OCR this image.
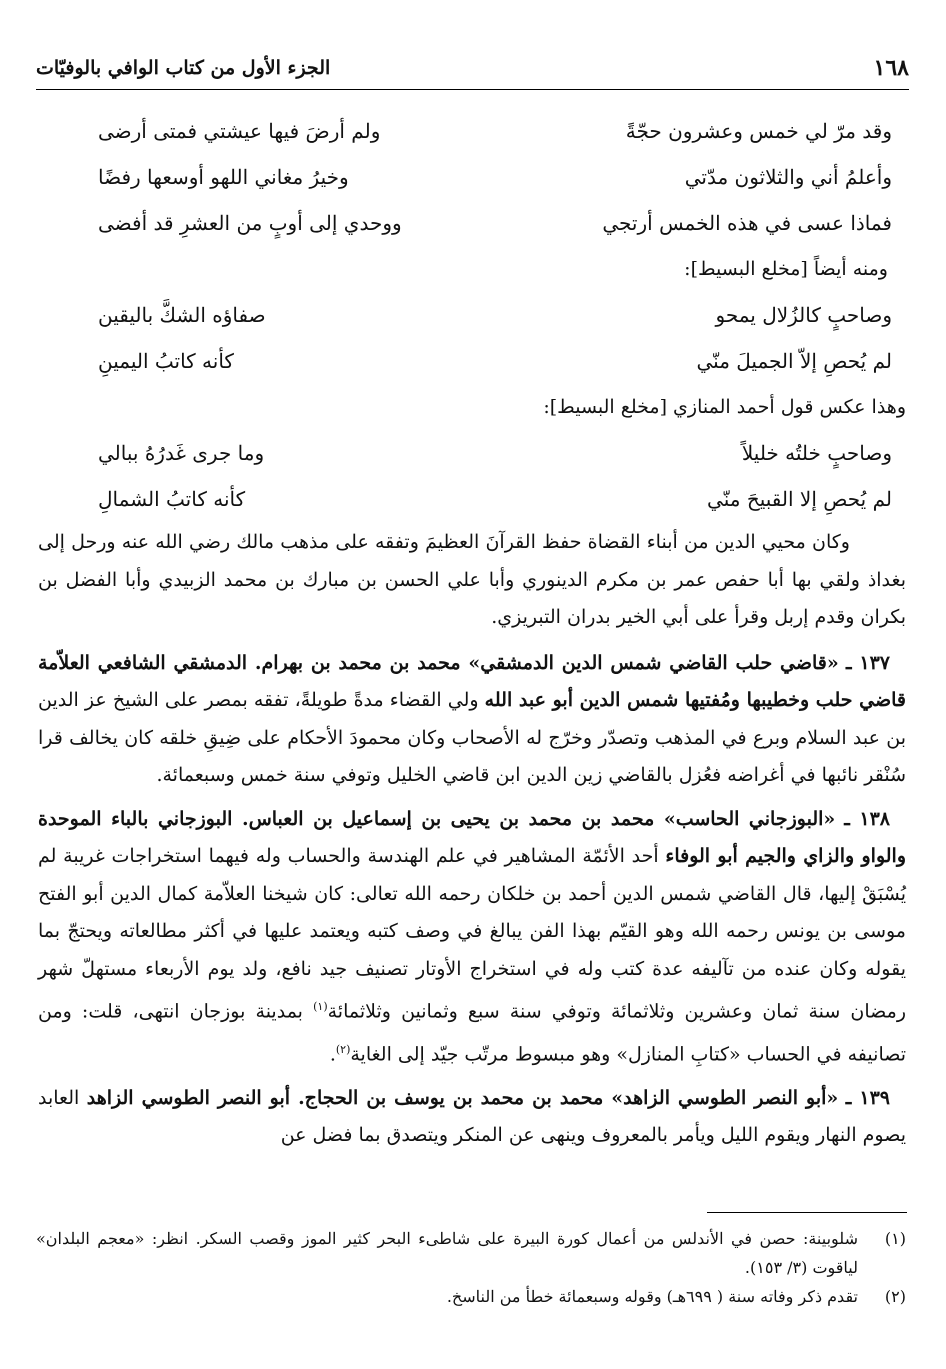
١٦٨
الجزء الأول من كتاب الوافي بالوفيّات
وقد مرّ لي خمس وعشرون حجّةً
ولم أرضَ فيها عيشتي فمتى أرضى
وأعلمُ أني والثلاثون مدّتي
وخيرُ مغاني اللهو أوسعها رفضًا
فماذا عسى في هذه الخمس أرتجي
ووحدي إلى أوبٍ من العشرِ قد أفضى
ومنه أيضاً [مخلع البسيط]:
وصاحبٍ كالزُلال يمحو
صفاؤه الشكَّ باليقين
لم يُحصِ إلاّ الجميلَ منّي
كأنه كاتبُ اليمينِ
وهذا عكس قول أحمد المنازي [مخلع البسيط]:
وصاحبٍ خلتُه خليلاً
وما جرى غَدرُهُ ببالي
لم يُحصِ إلا القبيحَ منّي
كأنه كاتبُ الشمالِ
وكان محيي الدين من أبناء القضاة حفظ القرآنَ العظيمَ وتفقه على مذهب مالك رضي الله عنه ورحل إلى بغداذ ولقي بها أبا حفص عمر بن مكرم الدينوري وأبا علي الحسن بن مبارك بن محمد الزبيدي وأبا الفضل بن بكران وقدم إربل وقرأ على أبي الخير بدران التبريزي.
١٣٧ ـ «قاضي حلب القاضي شمس الدين الدمشقي» محمد بن محمد بن بهرام. الدمشقي الشافعي العلاّمة قاضي حلب وخطيبها ومُفتيها شمس الدين أبو عبد الله ولي القضاء مدةً طويلةً، تفقه بمصر على الشيخ عز الدين بن عبد السلام وبرع في المذهب وتصدّر وخرّج له الأصحاب وكان محمودَ الأحكام على ضِيقِ خلقه كان يخالف قرا سُنْقر نائبها في أغراضه فعُزل بالقاضي زين الدين ابن قاضي الخليل وتوفي سنة خمس وسبعمائة.
١٣٨ ـ «البوزجاني الحاسب» محمد بن محمد بن يحيى بن إسماعيل بن العباس. البوزجاني بالباء الموحدة والواو والزاي والجيم أبو الوفاء أحد الأئمّة المشاهير في علم الهندسة والحساب وله فيهما استخراجات غريبة لم يُسْبَقْ إليها، قال القاضي شمس الدين أحمد بن خلكان رحمه الله تعالى: كان شيخنا العلاّمة كمال الدين أبو الفتح موسى بن يونس رحمه الله وهو القيّم بهذا الفن يبالغ في وصف كتبه ويعتمد عليها في أكثر مطالعاته ويحتجّ بما يقوله وكان عنده من تآليفه عدة كتب وله في استخراج الأوتار تصنيف جيد نافع، ولد يوم الأربعاء مستهلّ شهر رمضان سنة ثمان وعشرين وثلاثمائة وتوفي سنة سبع وثمانين وثلاثمائة$^{(١)}$ بمدينة بوزجان انتهى، قلت: ومن تصانيفه في الحساب «كتابِ المنازل» وهو مبسوط مرتّب جيّد إلى الغاية$^{(٢)}$.
١٣٩ ـ «أبو النصر الطوسي الزاهد» محمد بن محمد بن يوسف بن الحجاج. أبو النصر الطوسي الزاهد العابد يصوم النهار ويقوم الليل ويأمر بالمعروف وينهى عن المنكر ويتصدق بما فضل عن
(١)
شلوبينة: حصن في الأندلس من أعمال كورة البيرة على شاطىء البحر كثير الموز وقصب السكر. انظر: «معجم البلدان» لياقوت (٣/ ١٥٣).
(٢)
تقدم ذكر وفاته سنة ( ٦٩٩هـ) وقوله وسبعمائة خطأ من الناسخ.
